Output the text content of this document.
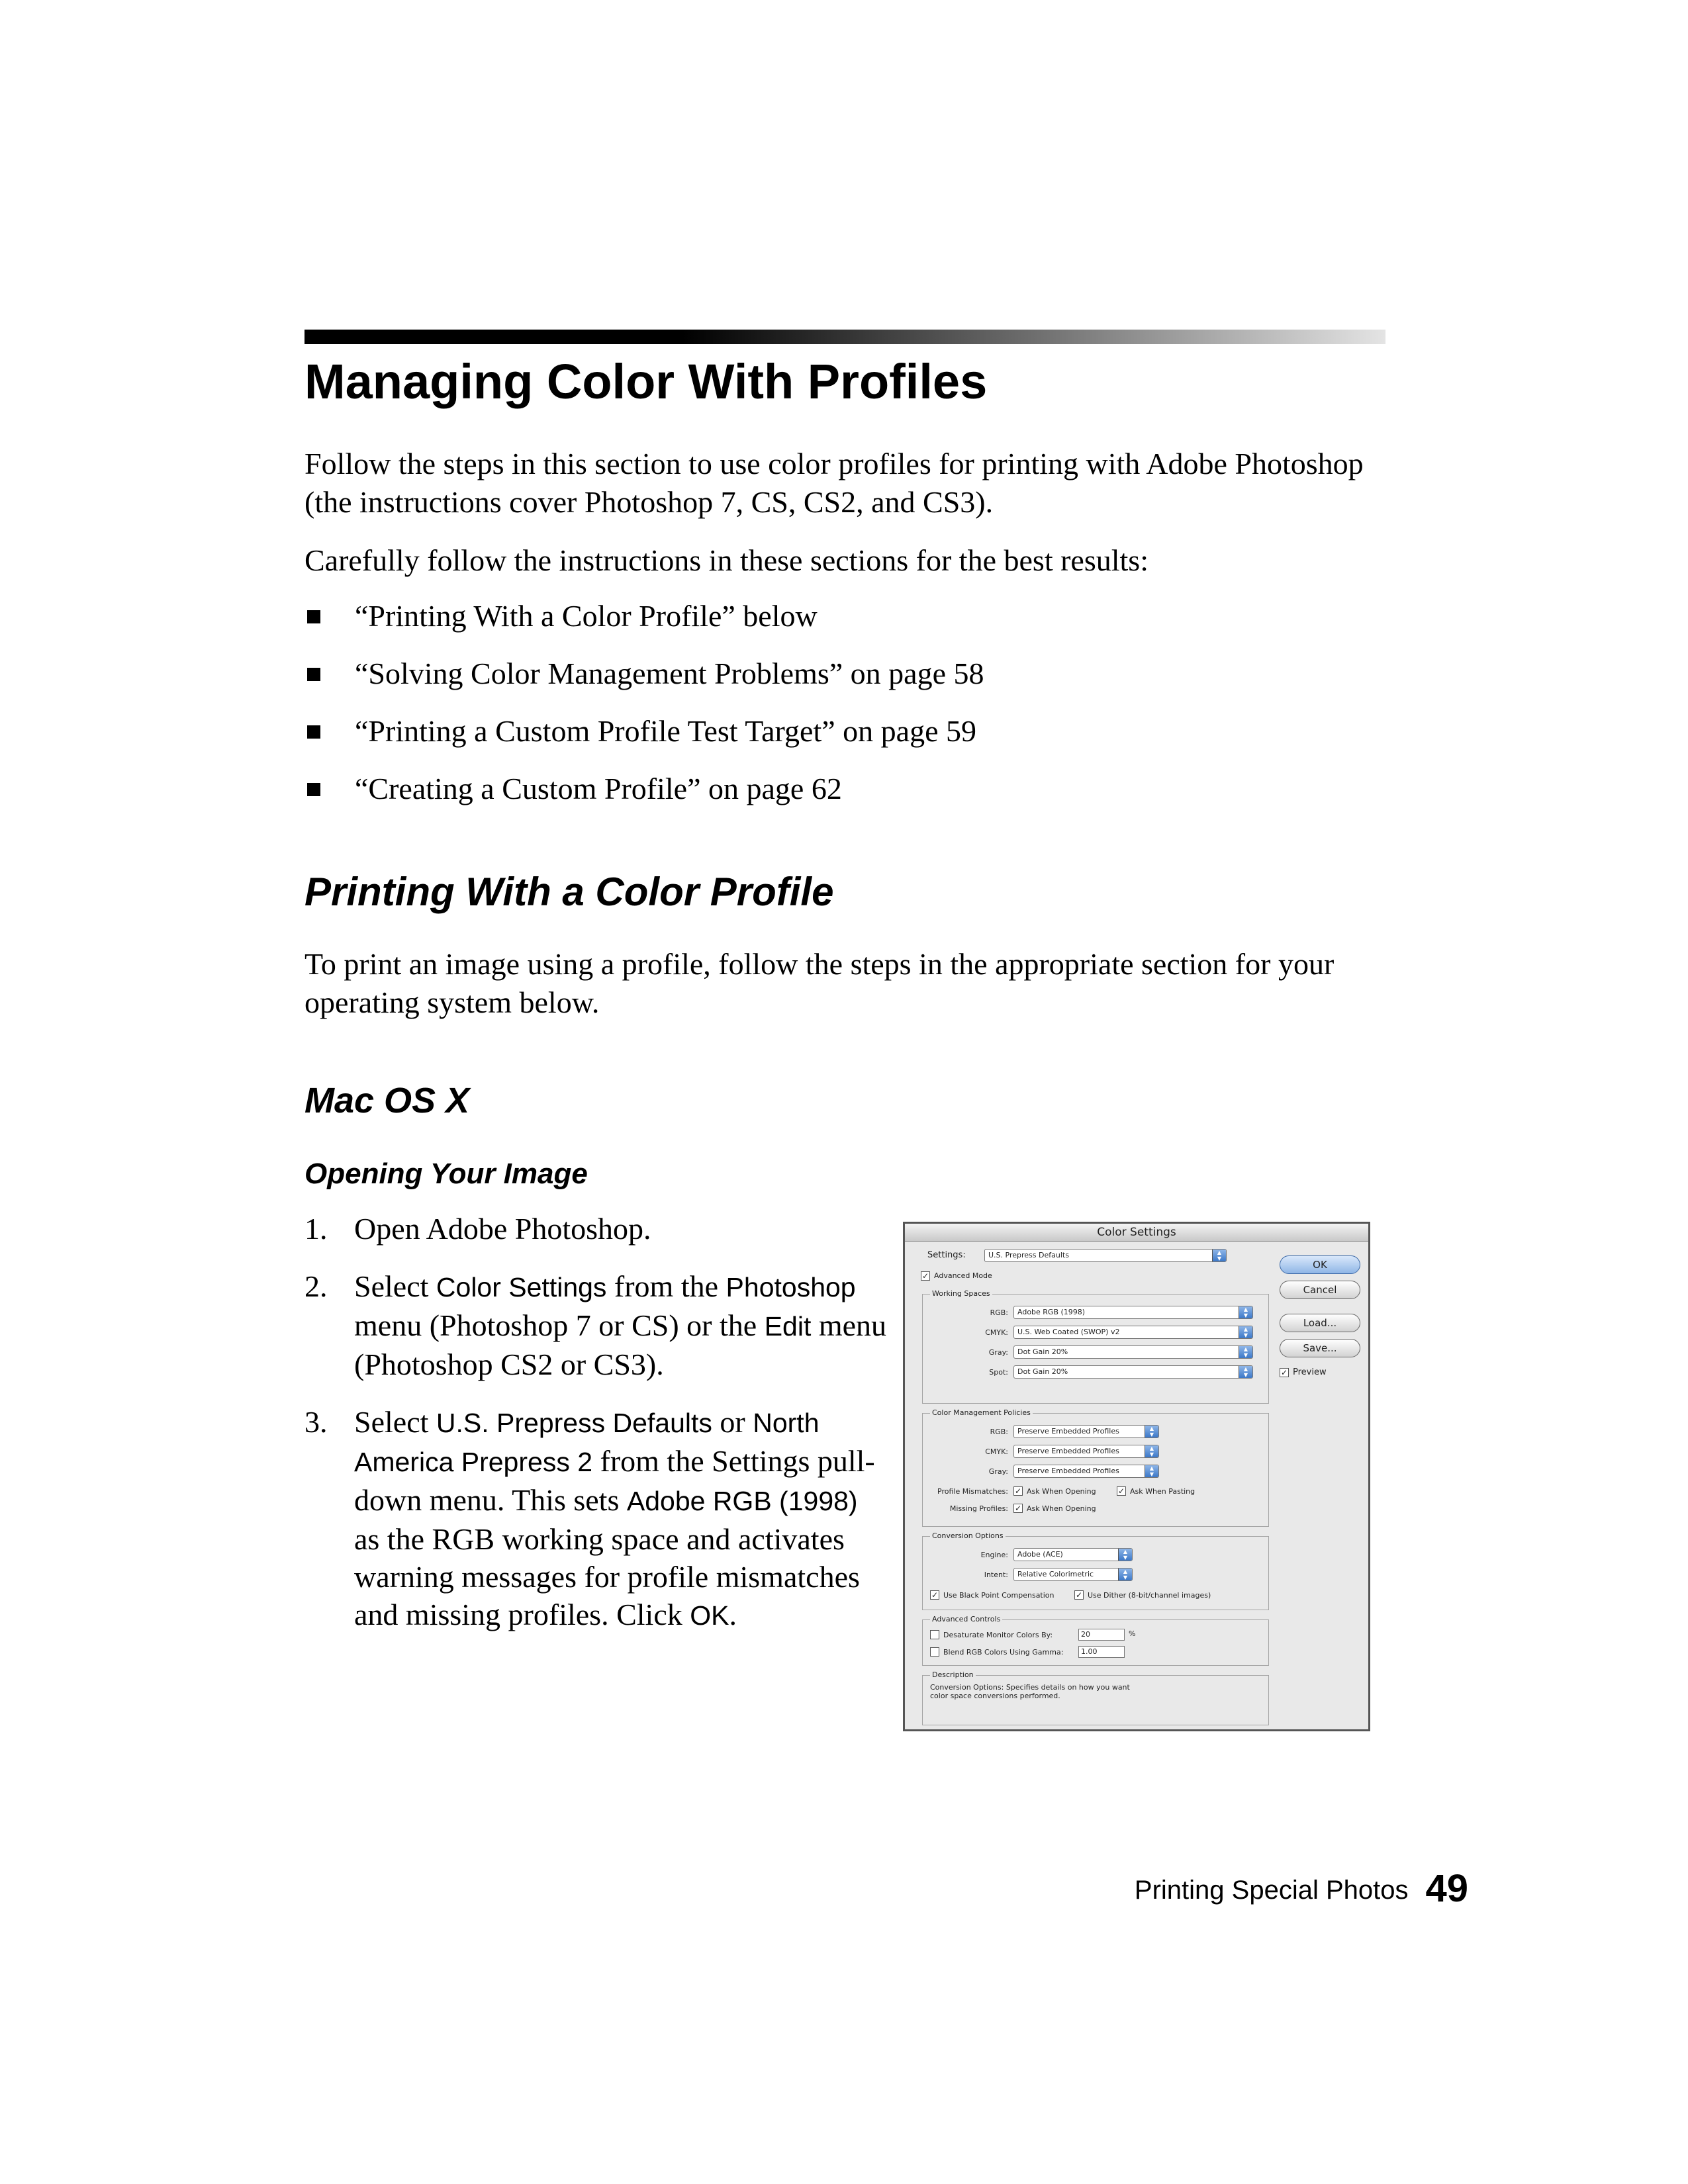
Managing Color With Profiles

Follow the steps in this section to use color profiles for printing with Adobe Photoshop (the instructions cover Photoshop 7, CS, CS2, and CS3).

Carefully follow the instructions in these sections for the best results:

“Printing With a Color Profile” below
“Solving Color Management Problems” on page 58
“Printing a Custom Profile Test Target” on page 59
“Creating a Custom Profile” on page 62
Printing With a Color Profile

To print an image using a profile, follow the steps in the appropriate section for your operating system below.

Mac OS X
Opening Your Image
1. Open Adobe Photoshop.
2. Select Color Settings from the Photoshop menu (Photoshop 7 or CS) or the Edit menu (Photoshop CS2 or CS3).
3. Select U.S. Prepress Defaults or North America Prepress 2 from the Settings pull-down menu. This sets Adobe RGB (1998) as the RGB working space and activates warning messages for profile mismatches and missing profiles. Click OK.
Color Settings
Settings:	U.S. Prepress Defaults	▲
▼
✓ Advanced Mode
Working Spaces
RGB:	Adobe RGB (1998)	▲
▼
CMYK:	U.S. Web Coated (SWOP) v2	▲
▼
Gray:	Dot Gain 20%	▲
▼
Spot:	Dot Gain 20%	▲
▼
Color Management Policies
RGB:	Preserve Embedded Profiles	▲
▼
CMYK:	Preserve Embedded Profiles	▲
▼
Gray:	Preserve Embedded Profiles	▲
▼
Profile Mismatches: ✓ Ask When Opening	✓ Ask When Pasting
Missing Profiles: ✓ Ask When Opening
Conversion Options
Engine:	Adobe (ACE)	▲
▼
Intent:	Relative Colorimetric	▲
▼
✓ Use Black Point Compensation	✓ Use Dither (8-bit/channel images)
Advanced Controls
Desaturate Monitor Colors By:	20	%
Blend RGB Colors Using Gamma:	1.00
Description
Conversion Options: Specifies details on how you want color space conversions performed.
OK
Cancel
Load...
Save...
✓ Preview
Printing Special Photos 49
